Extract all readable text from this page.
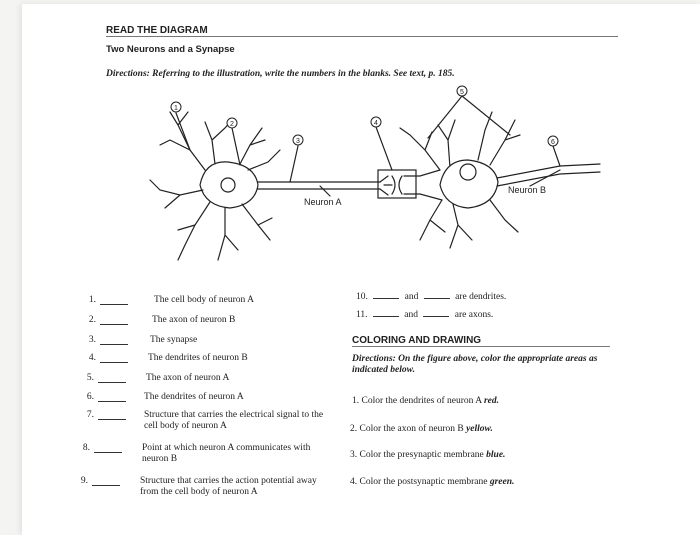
READ THE DIAGRAM
Two Neurons and a Synapse
Directions: Referring to the illustration, write the numbers in the blanks. See text, p. 185.
1
2
3
4
5
6
Neuron A
Neuron B
1.	The cell body of neuron A
2.	The axon of neuron B
3.	The synapse
4.	The dendrites of neuron B
5.	The axon of neuron A
6.	The dendrites of neuron A
7.	Structure that carries the electrical signal to the cell body of neuron A
8.	Point at which neuron A communicates with neuron B
9.	Structure that carries the action potential away from the cell body of neuron A
10.	and	are dendrites.
11.	and	are axons.
COLORING AND DRAWING
Directions: On the figure above, color the appropriate areas as indicated below.
1. Color the dendrites of neuron A red.
2. Color the axon of neuron B yellow.
3. Color the presynaptic membrane blue.
4. Color the postsynaptic membrane green.
